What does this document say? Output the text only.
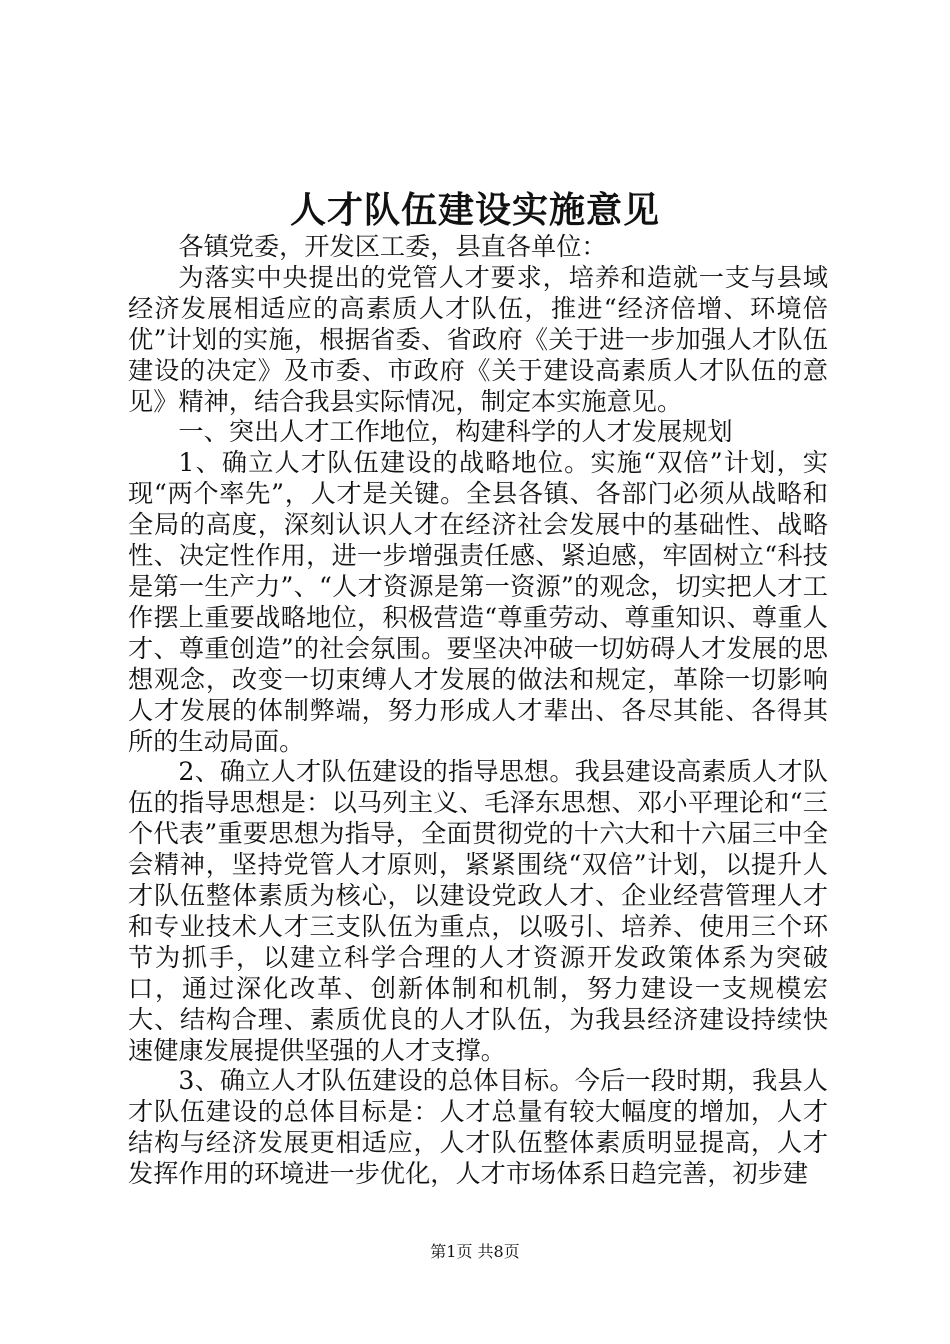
人才队伍建设实施意见

各镇党委，开发区工委，县直各单位：

为落实中央提出的党管人才要求，培养和造就一支与县域经济发展相适应的高素质人才队伍，推进“经济倍增、环境倍优”计划的实施，根据省委、省政府《关于进一步加强人才队伍建设的决定》及市委、市政府《关于建设高素质人才队伍的意见》精神，结合我县实际情况，制定本实施意见。

一、突出人才工作地位，构建科学的人才发展规划

1、确立人才队伍建设的战略地位。实施“双倍”计划，实现“两个率先”，人才是关键。全县各镇、各部门必须从战略和全局的高度，深刻认识人才在经济社会发展中的基础性、战略性、决定性作用，进一步增强责任感、紧迫感，牢固树立“科技是第一生产力”、“人才资源是第一资源”的观念，切实把人才工作摆上重要战略地位，积极营造“尊重劳动、尊重知识、尊重人才、尊重创造”的社会氛围。要坚决冲破一切妨碍人才发展的思想观念，改变一切束缚人才发展的做法和规定，革除一切影响人才发展的体制弊端，努力形成人才辈出、各尽其能、各得其所的生动局面。

2、确立人才队伍建设的指导思想。我县建设高素质人才队伍的指导思想是：以马列主义、毛泽东思想、邓小平理论和“三个代表”重要思想为指导，全面贯彻党的十六大和十六届三中全会精神，坚持党管人才原则，紧紧围绕“双倍”计划，以提升人才队伍整体素质为核心，以建设党政人才、企业经营管理人才和专业技术人才三支队伍为重点，以吸引、培养、使用三个环节为抓手，以建立科学合理的人才资源开发政策体系为突破口，通过深化改革、创新体制和机制，努力建设一支规模宏大、结构合理、素质优良的人才队伍，为我县经济建设持续快速健康发展提供坚强的人才支撑。

3、确立人才队伍建设的总体目标。今后一段时期，我县人才队伍建设的总体目标是：人才总量有较大幅度的增加，人才结构与经济发展更相适应，人才队伍整体素质明显提高，人才发挥作用的环境进一步优化，人才市场体系日趋完善，初步建

第1页 共8页
